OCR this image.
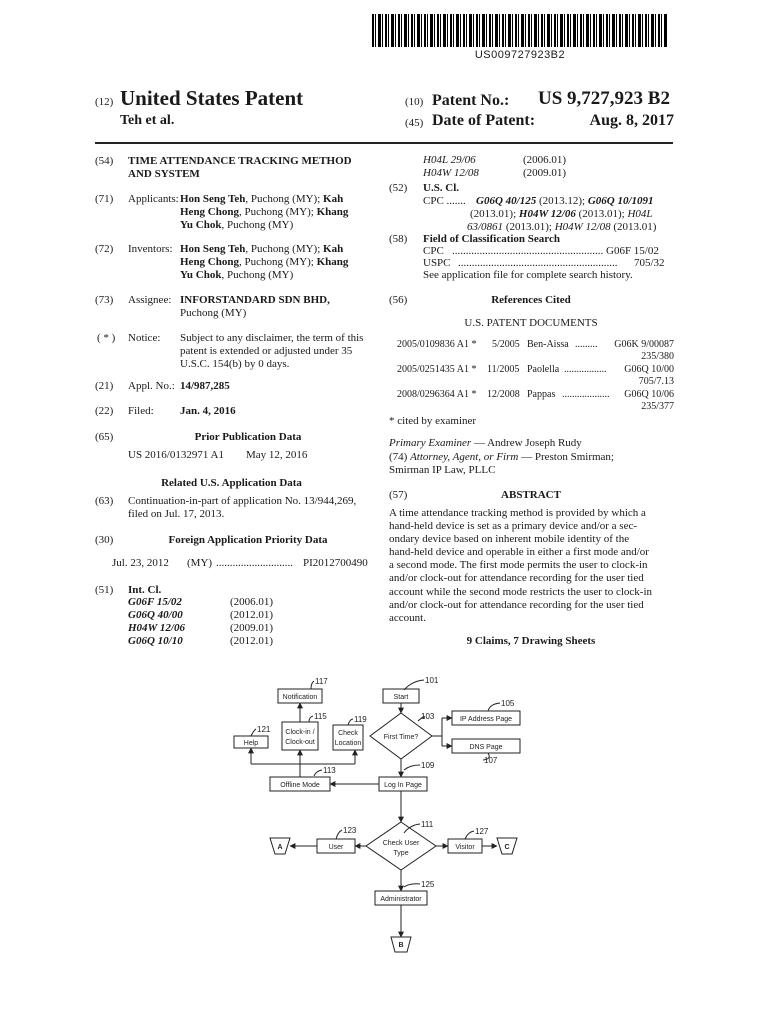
US009727923B2
(12) United States Patent
Teh et al.
(10) Patent No.: US 9,727,923 B2
(45) Date of Patent:	Aug. 8, 2017
(54) TIME ATTENDANCE TRACKING METHOD
AND SYSTEM
(71) Applicants: Hon Seng Teh, Puchong (MY); Kah
Heng Chong, Puchong (MY); Khang
Yu Chok, Puchong (MY)
(72) Inventors: Hon Seng Teh, Puchong (MY); Kah
Heng Chong, Puchong (MY); Khang
Yu Chok, Puchong (MY)
(73) Assignee: INFORSTANDARD SDN BHD,
Puchong (MY)
( * ) Notice: Subject to any disclaimer, the term of this
patent is extended or adjusted under 35
U.S.C. 154(b) by 0 days.
(21) Appl. No.: 14/987,285
(22) Filed: Jan. 4, 2016
(65)	Prior Publication Data
US 2016/0132971 A1 May 12, 2016
Related U.S. Application Data
(63) Continuation-in-part of application No. 13/944,269,
filed on Jul. 17, 2013.
(30)	Foreign Application Priority Data
Jul. 23, 2012 (MY) ............................ PI2012700490
(51) Int. Cl.
G06F 15/02	(2006.01)
G06Q 40/00	(2012.01)
H04W 12/06	(2009.01)
G06Q 10/10	(2012.01)
H04L 29/06	(2006.01)
H04W 12/08	(2009.01)
(52) U.S. Cl.
CPC ....... G06Q 40/125 (2013.12); G06Q 10/1091
(2013.01); H04W 12/06 (2013.01); H04L
63/0861 (2013.01); H04W 12/08 (2013.01)
(58) Field of Classification Search
CPC ....................................................... G06F 15/02
USPC .......................................................... 705/32
See application file for complete search history.
(56)	References Cited
U.S. PATENT DOCUMENTS
2005/0109836 A1 * 5/2005 Ben-Aissa .........	G06K 9/00087
235/380
2005/0251435 A1 * 11/2005 Paolella .................	G06Q 10/00
705/7.13
2008/0296364 A1 * 12/2008 Pappas ...................	G06Q 10/06
235/377
* cited by examiner
Primary Examiner — Andrew Joseph Rudy
(74) Attorney, Agent, or Firm — Preston Smirman;
Smirman IP Law, PLLC
(57)	ABSTRACT
A time attendance tracking method is provided by which a
hand-held device is set as a primary device and/or a sec-
ondary device based on inherent mobile identity of the
hand-held device and operable in either a first mode and/or
a second mode. The first mode permits the user to clock-in
and/or clock-out for attendance recording for the user tied
account while the second mode restricts the user to clock-in
and/or clock-out for attendance recording for the user tied
account.
9 Claims, 7 Drawing Sheets
Start
First Time?
IP Address Page
DNS Page
Log In Page
Offline Mode
Notification
Clock-in /
Clock-out
Check
Location
Help
Check User
Type
User	Visitor
Administrator
A	C
B
101
103
105
107
109
111
113
115
117
119
121
123
125
127
